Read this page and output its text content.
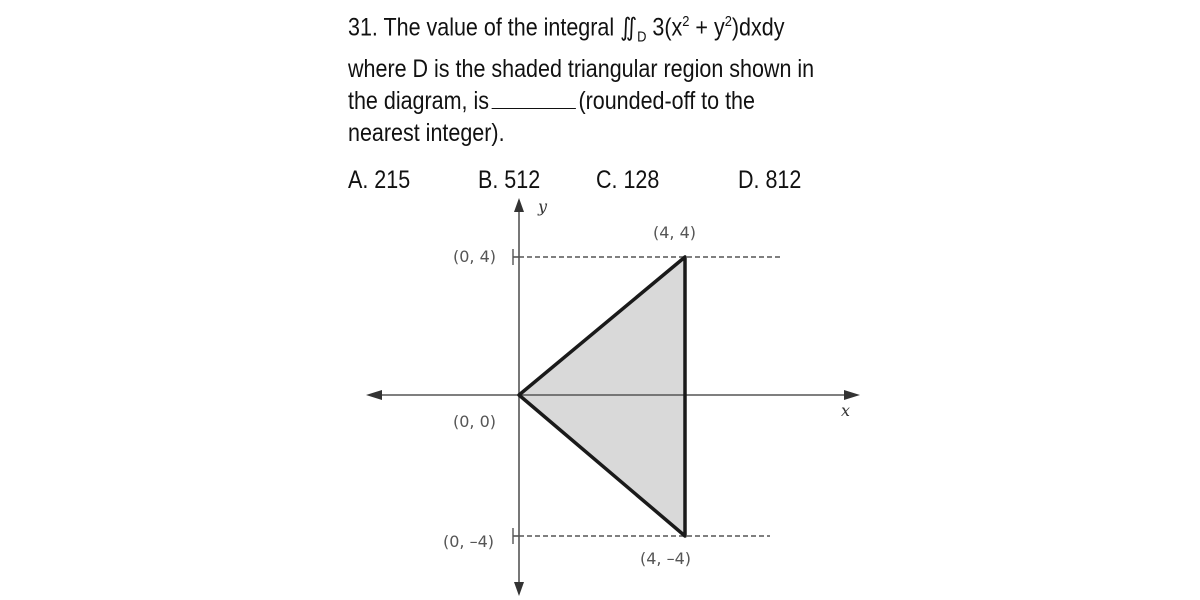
31. The value of the integral $∬_D$ $3(x^2$ + $y^2)dxdy$
where D is the shaded triangular region shown in
the diagram, is	(rounded-off to the
nearest integer).
A. 215	B. 512 C. 128	D. 812
y
x
(0, 4)
(4, 4)
(0, 0)
(0, –4)
(4, –4)
